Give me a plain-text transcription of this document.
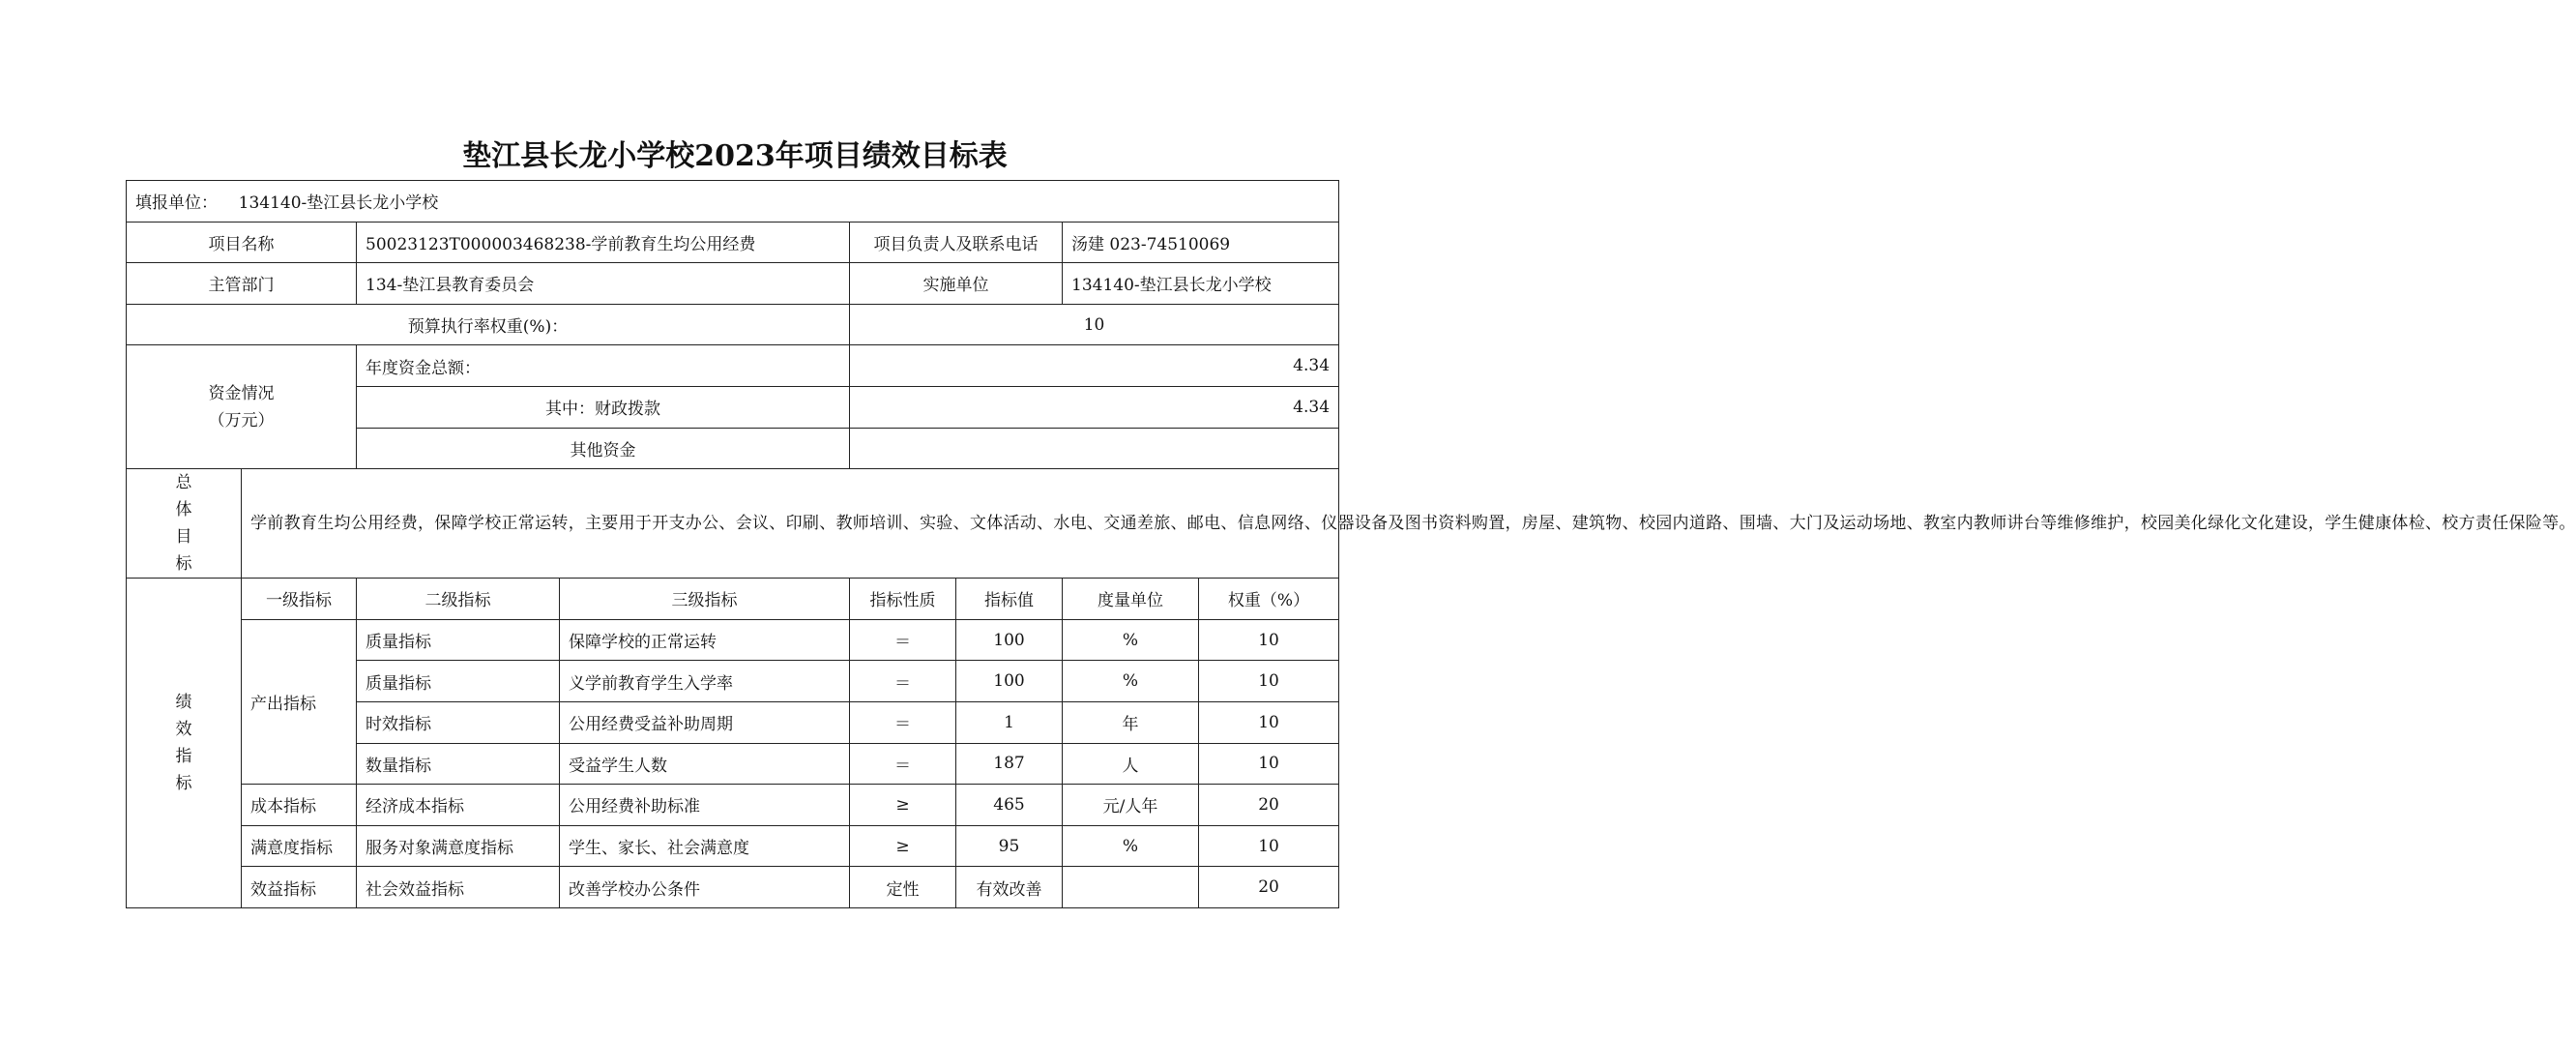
垫江县长龙小学校2023年项目绩效目标表
填报单位： 134140-垫江县长龙小学校							
项目名称		50023123T000003468238-学前教育生均公用经费		项目负责人及联系电话		汤建 023-74510069	
主管部门		134-垫江县教育委员会		实施单位		134140-垫江县长龙小学校	
预算执行率权重(%)：				10			

资金情况
（万元）		年度资金总额：		4.34			
		其中：财政拨款		4.34			
		其他资金					

总
体
目
标	学前教育生均公用经费，保障学校正常运转，主要用于开支办公、会议、印刷、教师培训、实验、文体活动、水电、交通差旅、邮电、信息网络、仪器设备及图书资料购置，房屋、建筑物、校园内道路、围墙、大门及运动场地、教室内教师讲台等维修维护，校园美化绿化文化建设，学生健康体检、校方责任保险等。						

绩
效
指
标	一级指标	二级指标	三级指标	指标性质	指标值	度量单位	权重（%）
	产出指标	质量指标	保障学校的正常运转	＝	100	%	10
		质量指标	义学前教育学生入学率	＝	100	%	10
		时效指标	公用经费受益补助周期	＝	1	年	10
		数量指标	受益学生人数	＝	187	人	10
	成本指标	经济成本指标	公用经费补助标准	≥	465	元/人年	20
	满意度指标	服务对象满意度指标	学生、家长、社会满意度	≥	95	%	10
	效益指标	社会效益指标	改善学校办公条件	定性	有效改善		20
